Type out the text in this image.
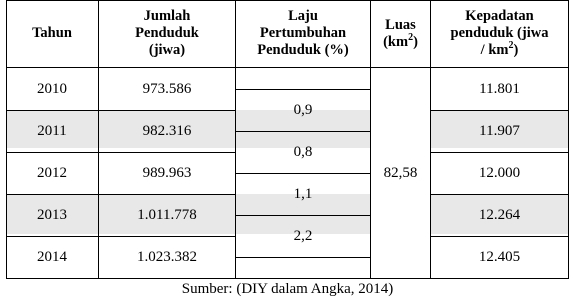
Tahun
Jumlah
Penduduk
(jiwa)
Laju
Pertumbuhan
Penduduk (%)
Luas
$(km^2)$
Kepadatan
penduduk (jiwa
/ $km^2$)
2010
2011
2012
2013
2014
973.586
982.316
989.963
1.011.778
1.023.382
0,9
0,8
1,1
2,2
82,58
11.801
11.907
12.000
12.264
12.405
Sumber: (DIY dalam Angka, 2014)
